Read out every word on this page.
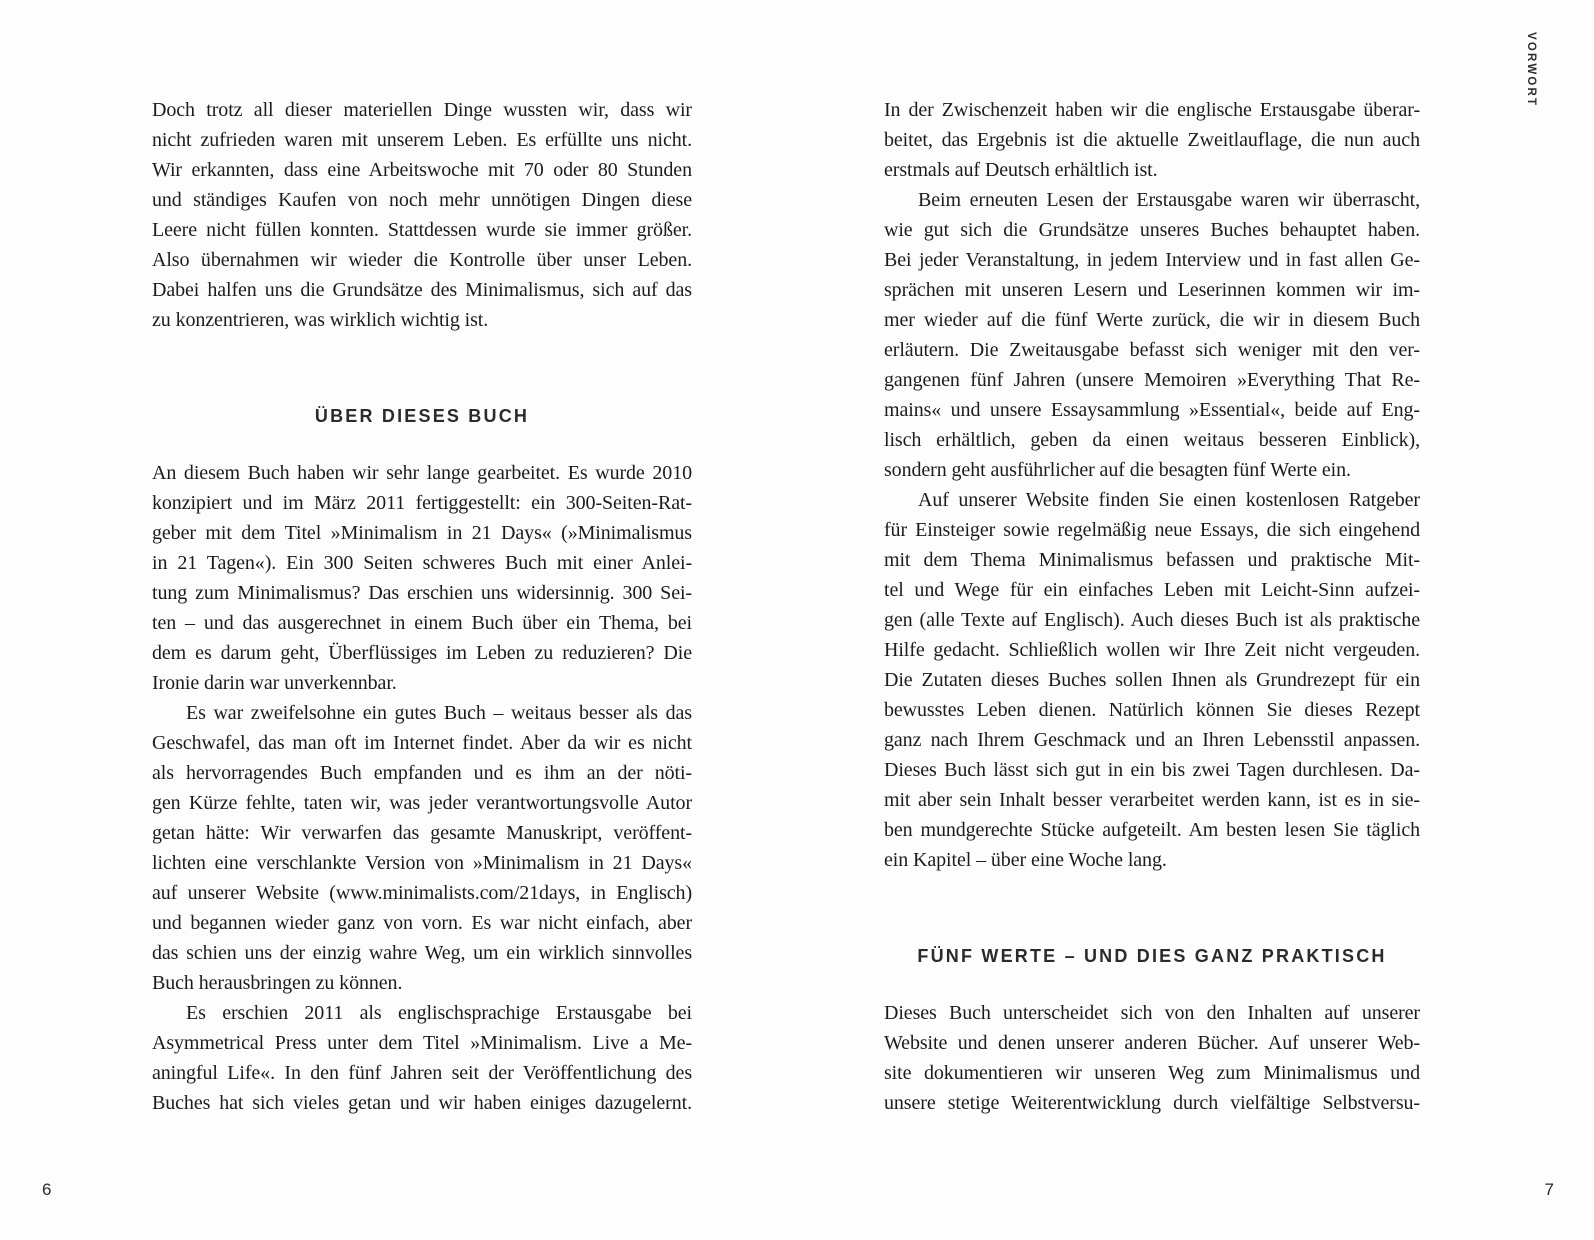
VORWORT
Doch trotz all dieser materiellen Dinge wussten wir, dass wir
nicht zufrieden waren mit unserem Leben. Es erfüllte uns nicht.
Wir erkannten, dass eine Arbeitswoche mit 70 oder 80 Stunden
und ständiges Kaufen von noch mehr unnötigen Dingen diese
Leere nicht füllen konnten. Stattdessen wurde sie immer größer.
Also übernahmen wir wieder die Kontrolle über unser Leben.
Dabei halfen uns die Grundsätze des Minimalismus, sich auf das
zu konzentrieren, was wirklich wichtig ist.
ÜBER DIESES BUCH
An diesem Buch haben wir sehr lange gearbeitet. Es wurde 2010
konzipiert und im März 2011 fertiggestellt: ein 300-Seiten-Rat-
geber mit dem Titel »Minimalism in 21 Days« (»Minimalismus
in 21 Tagen«). Ein 300 Seiten schweres Buch mit einer Anlei-
tung zum Minimalismus? Das erschien uns widersinnig. 300 Sei-
ten – und das ausgerechnet in einem Buch über ein Thema, bei
dem es darum geht, Überflüssiges im Leben zu reduzieren? Die
Ironie darin war unverkennbar.
Es war zweifelsohne ein gutes Buch – weitaus besser als das
Geschwafel, das man oft im Internet findet. Aber da wir es nicht
als hervorragendes Buch empfanden und es ihm an der nöti-
gen Kürze fehlte, taten wir, was jeder verantwortungsvolle Autor
getan hätte: Wir verwarfen das gesamte Manuskript, veröffent-
lichten eine verschlankte Version von »Minimalism in 21 Days«
auf unserer Website (www.minimalists.com/21days, in Englisch)
und begannen wieder ganz von vorn. Es war nicht einfach, aber
das schien uns der einzig wahre Weg, um ein wirklich sinnvolles
Buch herausbringen zu können.
Es erschien 2011 als englischsprachige Erstausgabe bei
Asymmetrical Press unter dem Titel »Minimalism. Live a Me-
aningful Life«. In den fünf Jahren seit der Veröffentlichung des
Buches hat sich vieles getan und wir haben einiges dazugelernt.
6
In der Zwischenzeit haben wir die englische Erstausgabe überar-
beitet, das Ergebnis ist die aktuelle Zweitlauflage, die nun auch
erstmals auf Deutsch erhältlich ist.
Beim erneuten Lesen der Erstausgabe waren wir überrascht,
wie gut sich die Grundsätze unseres Buches behauptet haben.
Bei jeder Veranstaltung, in jedem Interview und in fast allen Ge-
sprächen mit unseren Lesern und Leserinnen kommen wir im-
mer wieder auf die fünf Werte zurück, die wir in diesem Buch
erläutern. Die Zweitausgabe befasst sich weniger mit den ver-
gangenen fünf Jahren (unsere Memoiren »Everything That Re-
mains« und unsere Essaysammlung »Essential«, beide auf Eng-
lisch erhältlich, geben da einen weitaus besseren Einblick),
sondern geht ausführlicher auf die besagten fünf Werte ein.
Auf unserer Website finden Sie einen kostenlosen Ratgeber
für Einsteiger sowie regelmäßig neue Essays, die sich eingehend
mit dem Thema Minimalismus befassen und praktische Mit-
tel und Wege für ein einfaches Leben mit Leicht-Sinn aufzei-
gen (alle Texte auf Englisch). Auch dieses Buch ist als praktische
Hilfe gedacht. Schließlich wollen wir Ihre Zeit nicht vergeuden.
Die Zutaten dieses Buches sollen Ihnen als Grundrezept für ein
bewusstes Leben dienen. Natürlich können Sie dieses Rezept
ganz nach Ihrem Geschmack und an Ihren Lebensstil anpassen.
Dieses Buch lässt sich gut in ein bis zwei Tagen durchlesen. Da-
mit aber sein Inhalt besser verarbeitet werden kann, ist es in sie-
ben mundgerechte Stücke aufgeteilt. Am besten lesen Sie täglich
ein Kapitel – über eine Woche lang.
FÜNF WERTE – UND DIES GANZ PRAKTISCH
Dieses Buch unterscheidet sich von den Inhalten auf unserer
Website und denen unserer anderen Bücher. Auf unserer Web-
site dokumentieren wir unseren Weg zum Minimalismus und
unsere stetige Weiterentwicklung durch vielfältige Selbstversu-
7
